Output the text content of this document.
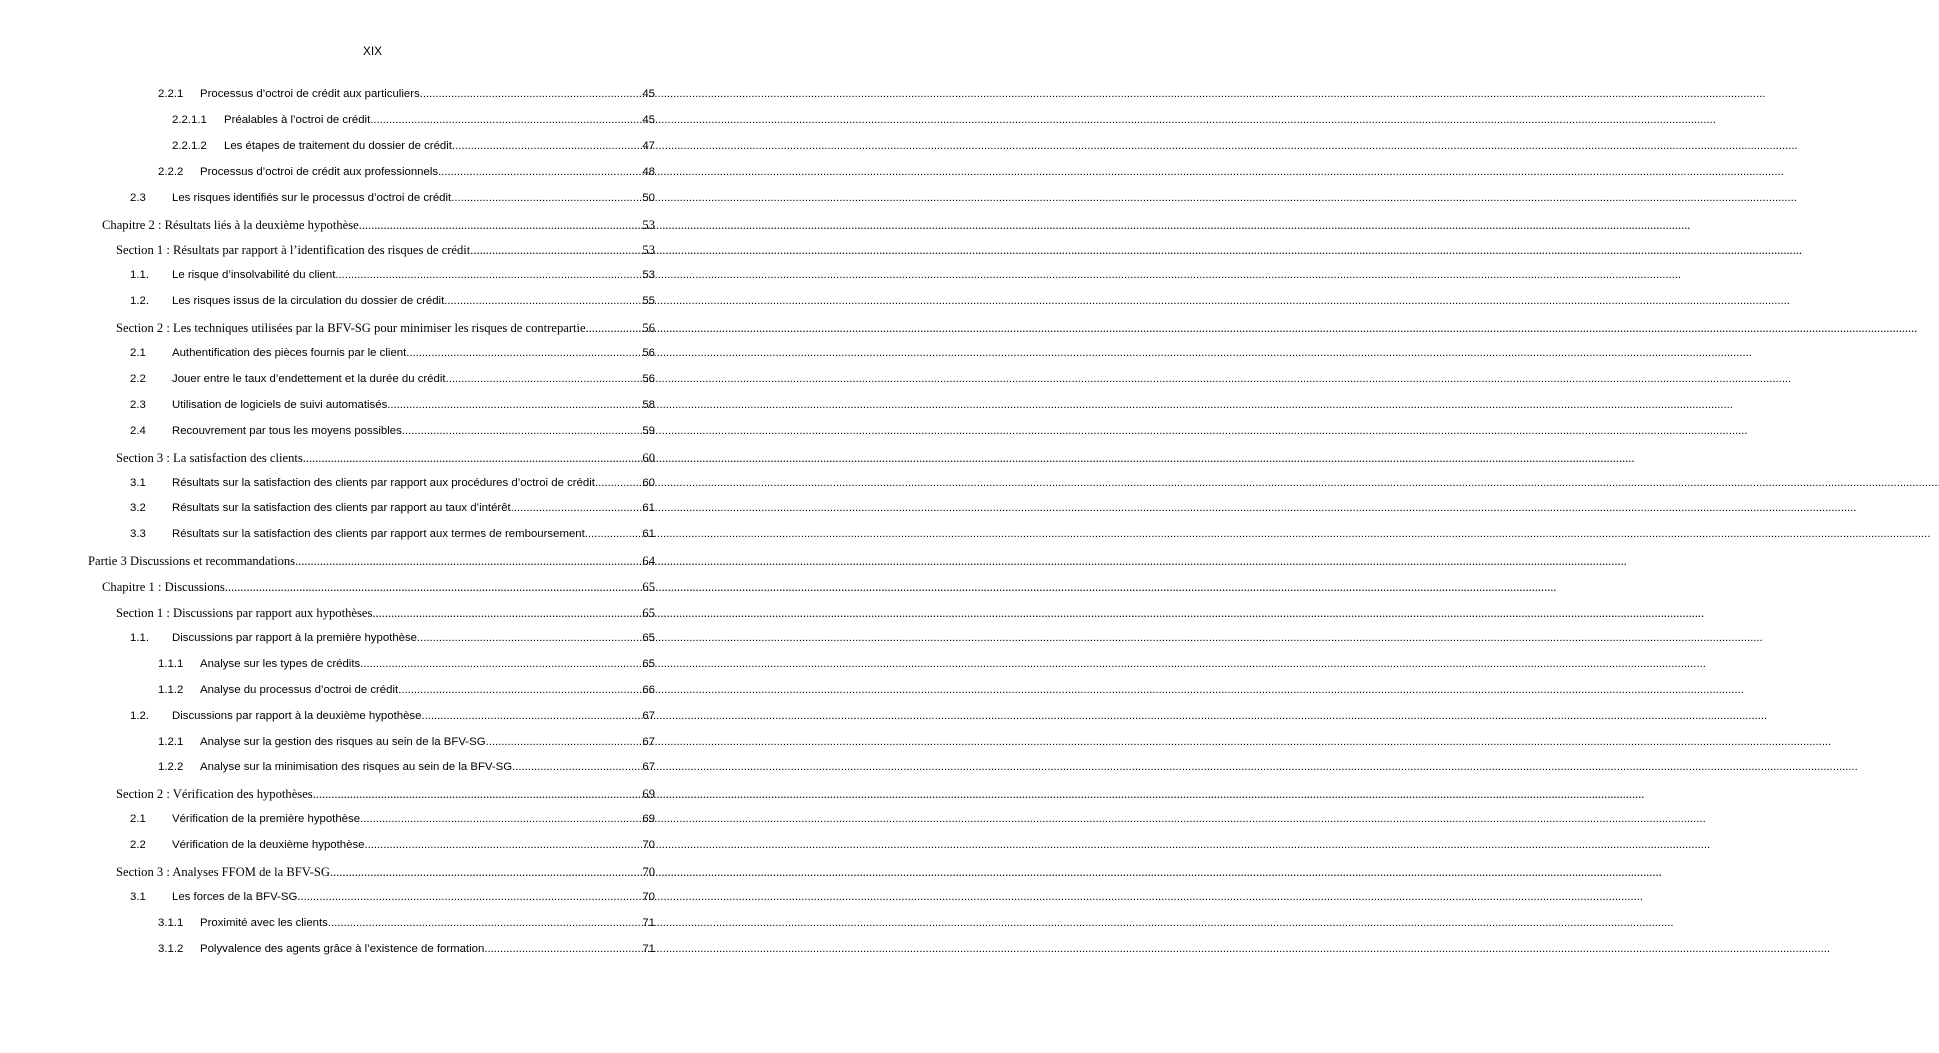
XIX
2.2.1	Processus d’octroi de crédit aux particuliers . . .	45
2.2.1.1	Préalables à l’octroi de crédit . . .	45
2.2.1.2	Les étapes de traitement du dossier de crédit . . .	47
2.2.2	Processus d’octroi de crédit aux professionnels . . .	48
2.3	Les risques identifiés sur le processus d’octroi de crédit . . .	50
Chapitre 2 : Résultats liés à la deuxième hypothèse . . .	53
Section 1 : Résultats par rapport à l’identification des risques de crédit . . .	53
1.1.	Le risque d’insolvabilité du client . . .	53
1.2.	Les risques issus de la circulation du dossier de crédit . . .	55
Section 2 : Les techniques utilisées par la BFV-SG pour minimiser les risques de contrepartie . . .	56
2.1	Authentification des pièces fournis par le client . . .	56
2.2	Jouer entre le taux d’endettement et la durée du crédit . . .	56
2.3	Utilisation de logiciels de suivi automatisés . . .	58
2.4	Recouvrement par tous les moyens possibles . . .	59
Section 3 : La satisfaction des clients . . .	60
3.1	Résultats sur la satisfaction des clients par rapport aux procédures d’octroi de crédit . . .	60
3.2	Résultats sur la satisfaction des clients par rapport au taux d’intérêt . . .	61
3.3	Résultats sur la satisfaction des clients par rapport aux termes de remboursement . . .	61
Partie 3 Discussions et recommandations . . .	64
Chapitre 1 : Discussions . . .	65
Section 1 : Discussions par rapport aux hypothèses . . .	65
1.1.	Discussions par rapport à la première hypothèse . . .	65
1.1.1	Analyse sur les types de crédits . . .	65
1.1.2	Analyse du processus d’octroi de crédit . . .	66
1.2.	Discussions par rapport à la deuxième hypothèse . . .	67
1.2.1	Analyse sur la gestion des risques au sein de la BFV-SG . . .	67
1.2.2	Analyse sur la minimisation des risques au sein de la BFV-SG . . .	67
Section 2 : Vérification des hypothèses . . .	69
2.1	Vérification de la première hypothèse . . .	69
2.2	Vérification de la deuxième hypothèse . . .	70
Section 3 : Analyses FFOM de la BFV-SG . . .	70
3.1	Les forces de la BFV-SG . . .	70
3.1.1	Proximité avec les clients . . .	71
3.1.2	Polyvalence des agents grâce à l’existence de formation . . .	71
